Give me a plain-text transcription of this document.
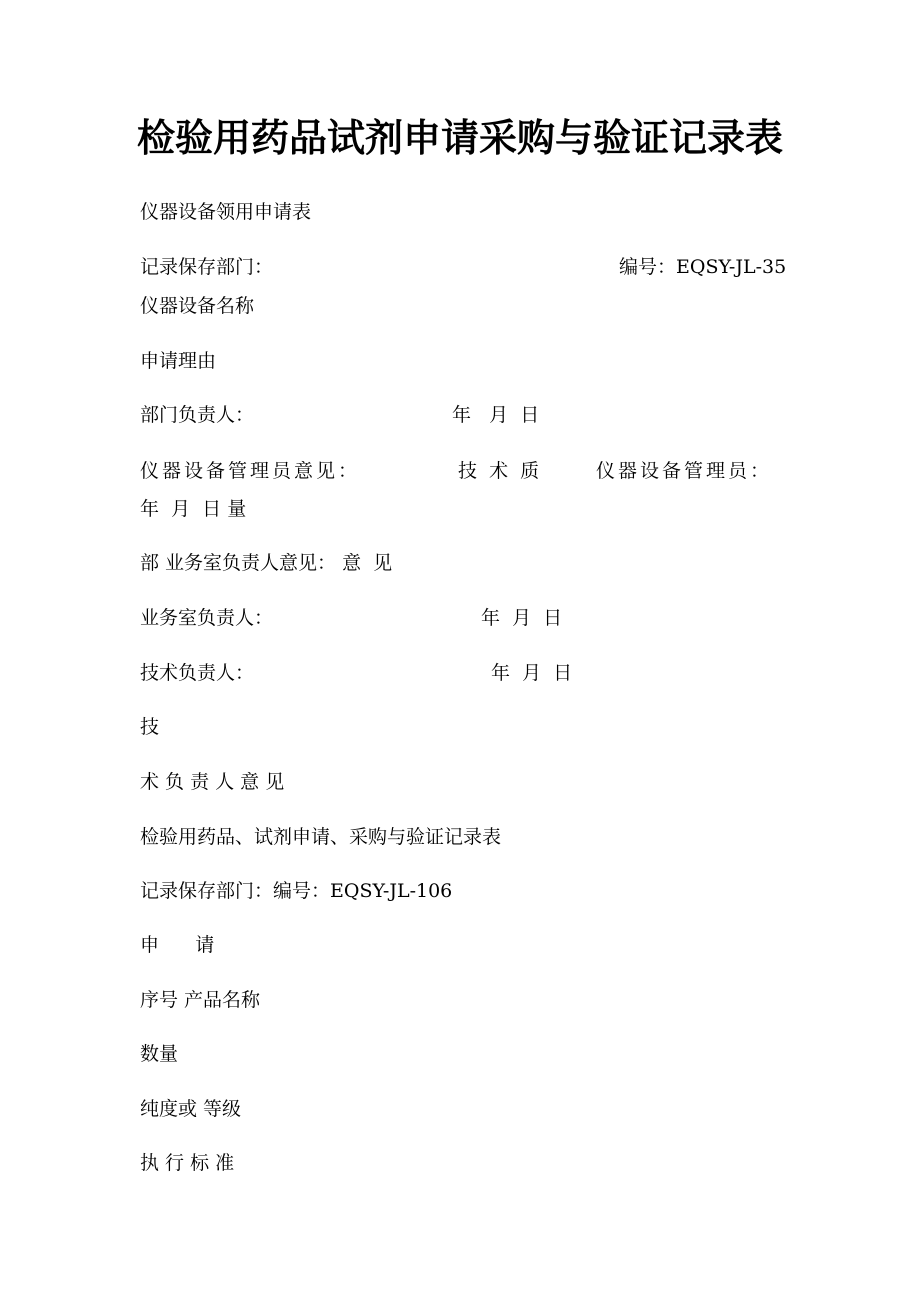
检验用药品试剂申请采购与验证记录表
仪器设备领用申请表
记录保存部门：	编号：EQSY-JL-35
仪器设备名称
申请理由
部门负责人：	年   月  日
仪器设备管理员意见：	技  术  质	仪器设备管理员：
年  月  日 量
部 业务室负责人意见： 意  见
业务室负责人：	年  月  日
技术负责人：	年  月  日
技
术 负 责 人 意 见
检验用药品、试剂申请、采购与验证记录表
记录保存部门：编号：EQSY-JL-106
申      请
序号 产品名称
数量
纯度或 等级
执 行 标 准
